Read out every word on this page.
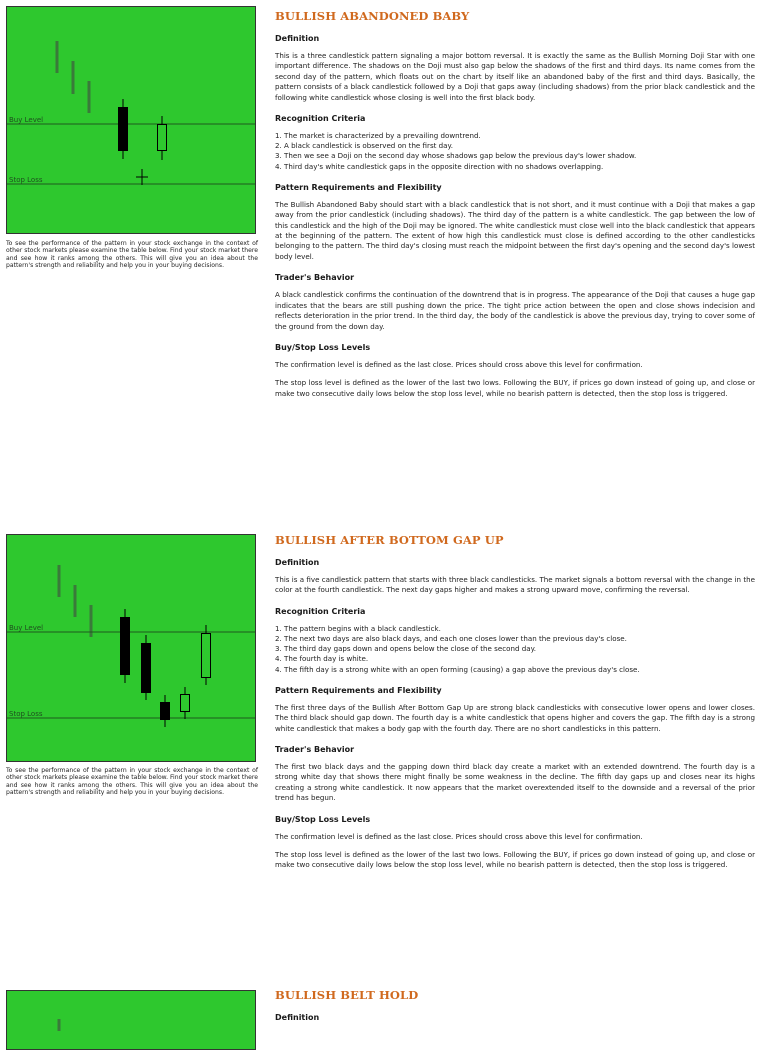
Buy Level
Stop Loss
To see the performance of the pattern in your stock exchange in the context of other stock markets please examine the table below. Find your stock market there and see how it ranks among the others. This will give you an idea about the pattern's strength and reliability and help you in your buying decisions.
BULLISH ABANDONED BABY

Definition

This is a three candlestick pattern signaling a major bottom reversal. It is exactly the same as the Bullish Morning Doji Star with one important difference. The shadows on the Doji must also gap below the shadows of the first and third days. Its name comes from the second day of the pattern, which floats out on the chart by itself like an abandoned baby of the first and third days. Basically, the pattern consists of a black candlestick followed by a Doji that gaps away (including shadows) from the prior black candlestick and the following white candlestick whose closing is well into the first black body.

Recognition Criteria

1. The market is characterized by a prevailing downtrend.

2. A black candlestick is observed on the first day.

3. Then we see a Doji on the second day whose shadows gap below the previous day's lower shadow.

4. Third day's white candlestick gaps in the opposite direction with no shadows overlapping.

Pattern Requirements and Flexibility

The Bullish Abandoned Baby should start with a black candlestick that is not short, and it must continue with a Doji that makes a gap away from the prior candlestick (including shadows). The third day of the pattern is a white candlestick. The gap between the low of this candlestick and the high of the Doji may be ignored. The white candlestick must close well into the black candlestick that appears at the beginning of the pattern. The extent of how high this candlestick must close is defined according to the other candlesticks belonging to the pattern. The third day's closing must reach the midpoint between the first day's opening and the second day's lowest body level.

Trader's Behavior

A black candlestick confirms the continuation of the downtrend that is in progress. The appearance of the Doji that causes a huge gap indicates that the bears are still pushing down the price. The tight price action between the open and close shows indecision and reflects deterioration in the prior trend. In the third day, the body of the candlestick is above the previous day, trying to cover some of the ground from the down day.

Buy/Stop Loss Levels

The confirmation level is defined as the last close. Prices should cross above this level for confirmation.

The stop loss level is defined as the lower of the last two lows. Following the BUY, if prices go down instead of going up, and close or make two consecutive daily lows below the stop loss level, while no bearish pattern is detected, then the stop loss is triggered.

Buy Level
Stop Loss
To see the performance of the pattern in your stock exchange in the context of other stock markets please examine the table below. Find your stock market there and see how it ranks among the others. This will give you an idea about the pattern's strength and reliability and help you in your buying decisions.
BULLISH AFTER BOTTOM GAP UP

Definition

This is a five candlestick pattern that starts with three black candlesticks. The market signals a bottom reversal with the change in the color at the fourth candlestick. The next day gaps higher and makes a strong upward move, confirming the reversal.

Recognition Criteria

1. The pattern begins with a black candlestick.

2. The next two days are also black days, and each one closes lower than the previous day's close.

3. The third day gaps down and opens below the close of the second day.

4. The fourth day is white.

4. The fifth day is a strong white with an open forming (causing) a gap above the previous day's close.

Pattern Requirements and Flexibility

The first three days of the Bullish After Bottom Gap Up are strong black candlesticks with consecutive lower opens and lower closes. The third black should gap down. The fourth day is a white candlestick that opens higher and covers the gap. The fifth day is a strong white candlestick that makes a body gap with the fourth day. There are no short candlesticks in this pattern.

Trader's Behavior

The first two black days and the gapping down third black day create a market with an extended downtrend. The fourth day is a strong white day that shows there might finally be some weakness in the decline. The fifth day gaps up and closes near its highs creating a strong white candlestick. It now appears that the market overextended itself to the downside and a reversal of the prior trend has begun.

Buy/Stop Loss Levels

The confirmation level is defined as the last close. Prices should cross above this level for confirmation.

The stop loss level is defined as the lower of the last two lows. Following the BUY, if prices go down instead of going up, and close or make two consecutive daily lows below the stop loss level, while no bearish pattern is detected, then the stop loss is triggered.

BULLISH BELT HOLD

Definition
